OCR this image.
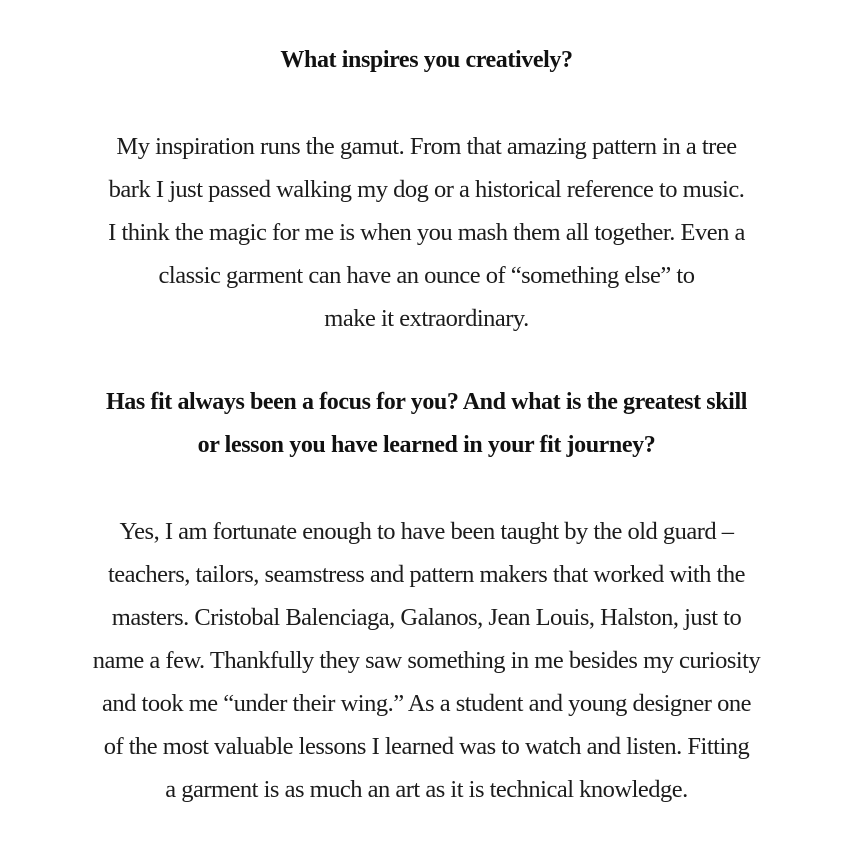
What inspires you creatively?

My inspiration runs the gamut. From that amazing pattern in a tree
bark I just passed walking my dog or a historical reference to music.
I think the magic for me is when you mash them all together. Even a
classic garment can have an ounce of “something else” to
make it extraordinary.

Has fit always been a focus for you? And what is the greatest skill
or lesson you have learned in your fit journey?

Yes, I am fortunate enough to have been taught by the old guard –
teachers, tailors, seamstress and pattern makers that worked with the
masters. Cristobal Balenciaga, Galanos, Jean Louis, Halston, just to
name a few. Thankfully they saw something in me besides my curiosity
and took me “under their wing.” As a student and young designer one
of the most valuable lessons I learned was to watch and listen. Fitting
a garment is as much an art as it is technical knowledge.
